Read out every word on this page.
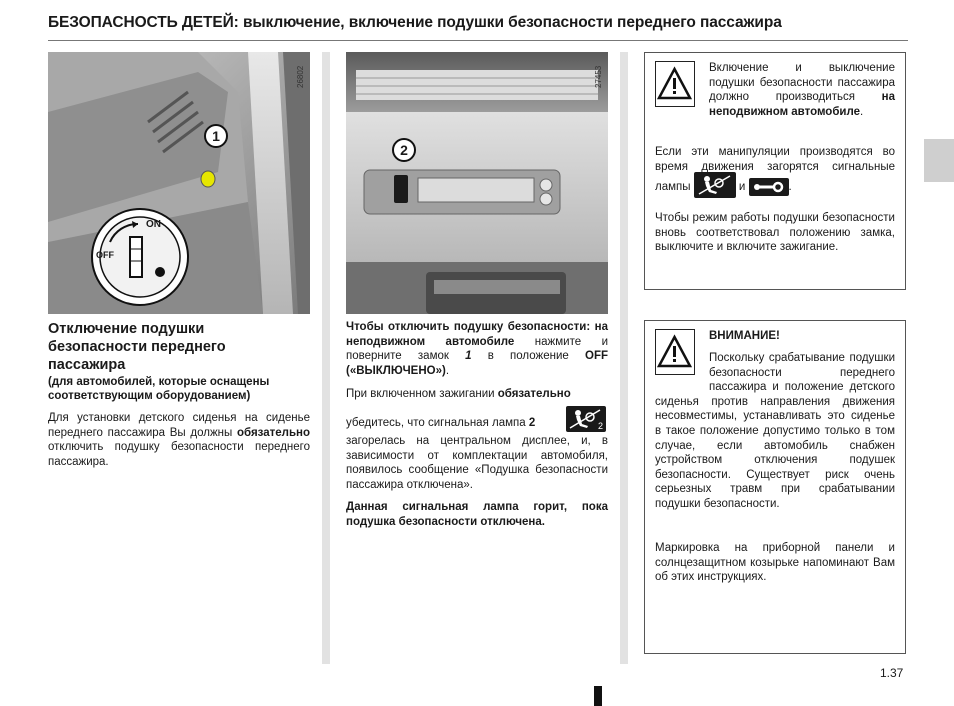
БЕЗОПАСНОСТЬ ДЕТЕЙ: выключение, включение подушки безопасности переднего пассажира
ON
OFF
1
26802
2
27453
Отключение подушки безопасности переднего пассажира
(для автомобилей, которые оснащены соответствующим оборудованием)
Для установки детского сиденья на сиденье переднего пассажира Вы должны обязательно отключить подушку безопасности переднего пассажира.
Чтобы отключить подушку безопасности: на неподвижном автомобиле нажмите и поверните замок 1 в положение OFF («ВЫКЛЮЧЕНО»).
При включенном зажигании обязательно
убедитесь, что сигнальная лампа 2	2
загорелась на центральном дисплее, и, в зависимости от комплектации автомобиля, появилось сообщение «Подушка безопасности пассажира отключена».
Данная сигнальная лампа горит, пока подушка безопасности отключена.
Включение и выключение подушки безопасности пассажира должно производиться на неподвижном автомобиле.
Если эти манипуляции производятся во время движения загорятся сигнальные лампы	и	.
Чтобы режим работы подушки безопасности вновь соответствовал положению замка, выключите и включите зажигание.
ВНИМАНИЕ!
Поскольку срабатывание подушки безопасности переднего пассажира и положение детского сиденья против направления движения несовместимы, устанавливать это сиденье в такое положение допустимо только в том случае, если автомобиль снабжен устройством отключения подушек безопасности. Существует риск очень серьезных травм при срабатывании подушки безопасности.
Маркировка на приборной панели и солнцезащитном козырьке напоминают Вам об этих инструкциях.
1.37
